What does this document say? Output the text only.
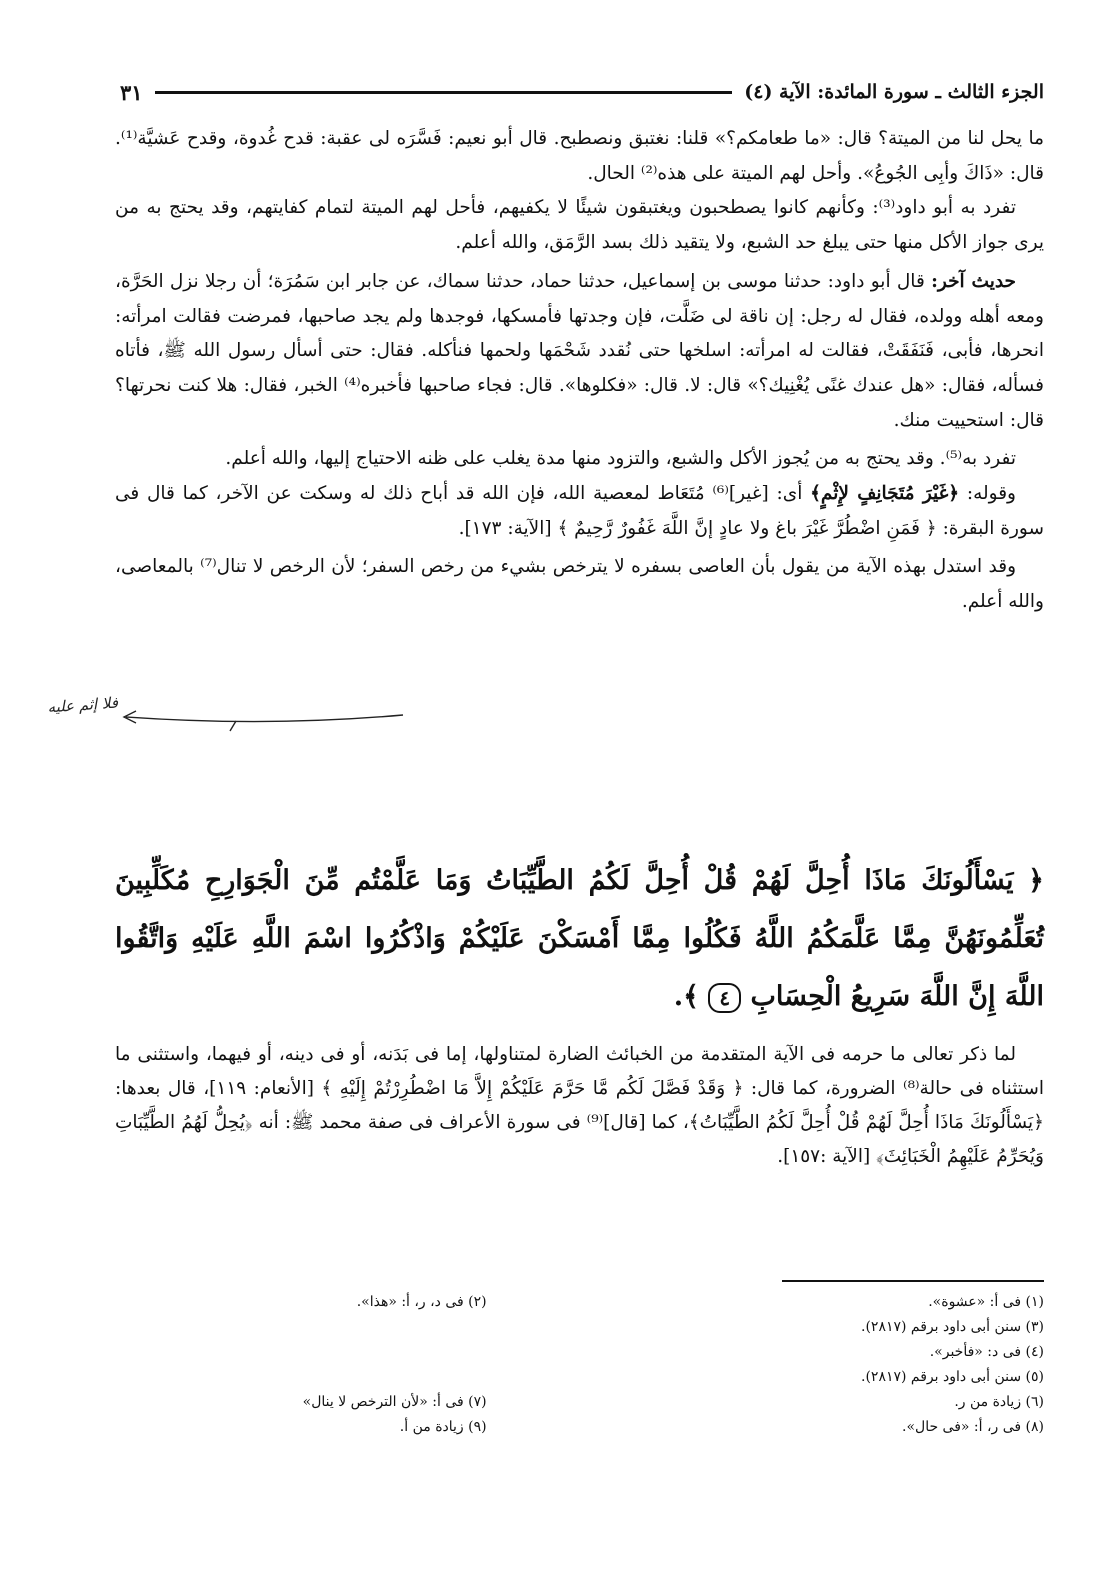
الجزء الثالث ـ سورة المائدة: الآية (٤)
٣١

ما يحل لنا من الميتة؟ قال: «ما طعامكم؟» قلنا: نغتبق ونصطبح. قال أبو نعيم: فَسَّرَه لى عقبة: قدح غُدوة، وقدح عَشيَّة⁽¹⁾. قال: «ذَاكَ وأبِى الجُوعُ». وأحل لهم الميتة على هذه⁽²⁾ الحال.

تفرد به أبو داود⁽³⁾: وكأنهم كانوا يصطحبون ويغتبقون شيئًا لا يكفيهم، فأحل لهم الميتة لتمام كفايتهم، وقد يحتج به من يرى جواز الأكل منها حتى يبلغ حد الشبع، ولا يتقيد ذلك بسد الرَّمَق، والله أعلم.

حديث آخر: قال أبو داود: حدثنا موسى بن إسماعيل، حدثنا حماد، حدثنا سماك، عن جابر ابن سَمُرَة؛ أن رجلا نزل الحَرَّة، ومعه أهله وولده، فقال له رجل: إن ناقة لى ضَلَّت، فإن وجدتها فأمسكها، فوجدها ولم يجد صاحبها، فمرضت فقالت امرأته: انحرها، فأبى، فَنَفَقَتْ، فقالت له امرأته: اسلخها حتى نُقدد شَحْمَها ولحمها فنأكله. فقال: حتى أسأل رسول الله ﷺ، فأتاه فسأله، فقال: «هل عندك غنًى يُغْنِيك؟» قال: لا. قال: «فكلوها». قال: فجاء صاحبها فأخبره⁽⁴⁾ الخبر، فقال: هلا كنت نحرتها؟ قال: استحييت منك.

تفرد به⁽⁵⁾. وقد يحتج به من يُجوز الأكل والشبع، والتزود منها مدة يغلب على ظنه الاحتياج إليها، والله أعلم.

وقوله: ﴿غَيْرَ مُتَجَانِفٍ لإِثْمٍ﴾ أى: [غير]⁽⁶⁾ مُتَعَاط لمعصية الله، فإن الله قد أباح ذلك له وسكت عن الآخر، كما قال فى سورة البقرة: ﴿ فَمَنِ اضْطُرَّ غَيْرَ باغ ولا عادٍ إنَّ اللَّهَ غَفُورٌ رَّحِيمٌ ﴾ [الآية: ١٧٣].

وقد استدل بهذه الآية من يقول بأن العاصى بسفره لا يترخص بشيء من رخص السفر؛ لأن الرخص لا تنال⁽⁷⁾ بالمعاصى، والله أعلم.

فلا إثم عليه
﴿ يَسْأَلُونَكَ مَاذَا أُحِلَّ لَهُمْ قُلْ أُحِلَّ لَكُمُ الطَّيِّبَاتُ وَمَا عَلَّمْتُم مِّنَ الْجَوَارِحِ مُكَلِّبِينَ تُعَلِّمُونَهُنَّ مِمَّا عَلَّمَكُمُ اللَّهُ فَكُلُوا مِمَّا أَمْسَكْنَ عَلَيْكُمْ وَاذْكُرُوا اسْمَ اللَّهِ عَلَيْهِ وَاتَّقُوا اللَّهَ إِنَّ اللَّهَ سَرِيعُ الْحِسَابِ ٤ ﴾.

لما ذكر تعالى ما حرمه فى الآية المتقدمة من الخبائث الضارة لمتناولها، إما فى بَدَنه، أو فى دينه، أو فيهما، واستثنى ما استثناه فى حالة⁽⁸⁾ الضرورة، كما قال: ﴿ وَقَدْ فَصَّلَ لَكُم مَّا حَرَّمَ عَلَيْكُمْ إِلاَّ مَا اضْطُرِرْتُمْ إِلَيْهِ ﴾ [الأنعام: ١١٩]، قال بعدها: ﴿يَسْأَلُونَكَ مَاذَا أُحِلَّ لَهُمْ قُلْ أُحِلَّ لَكُمُ الطَّيِّبَاتُ﴾، كما [قال]⁽⁹⁾ فى سورة الأعراف فى صفة محمد ﷺ: أنه ﴿يُحِلُّ لَهُمُ الطَّيِّبَاتِ وَيُحَرِّمُ عَلَيْهِمُ الْخَبَائِثَ﴾ [الآية :١٥٧].

(١) فى أ: «عشوة».
(٢) فى د، ر، أ: «هذا».
(٣) سنن أبى داود برقم (٢٨١٧).
(٤) فى د: «فأخبر».
(٥) سنن أبى داود برقم (٢٨١٧).
(٦) زيادة من ر.
(٧) فى أ: «لأن الترخص لا ينال»
(٨) فى ر، أ: «فى حال».
(٩) زيادة من أ.
